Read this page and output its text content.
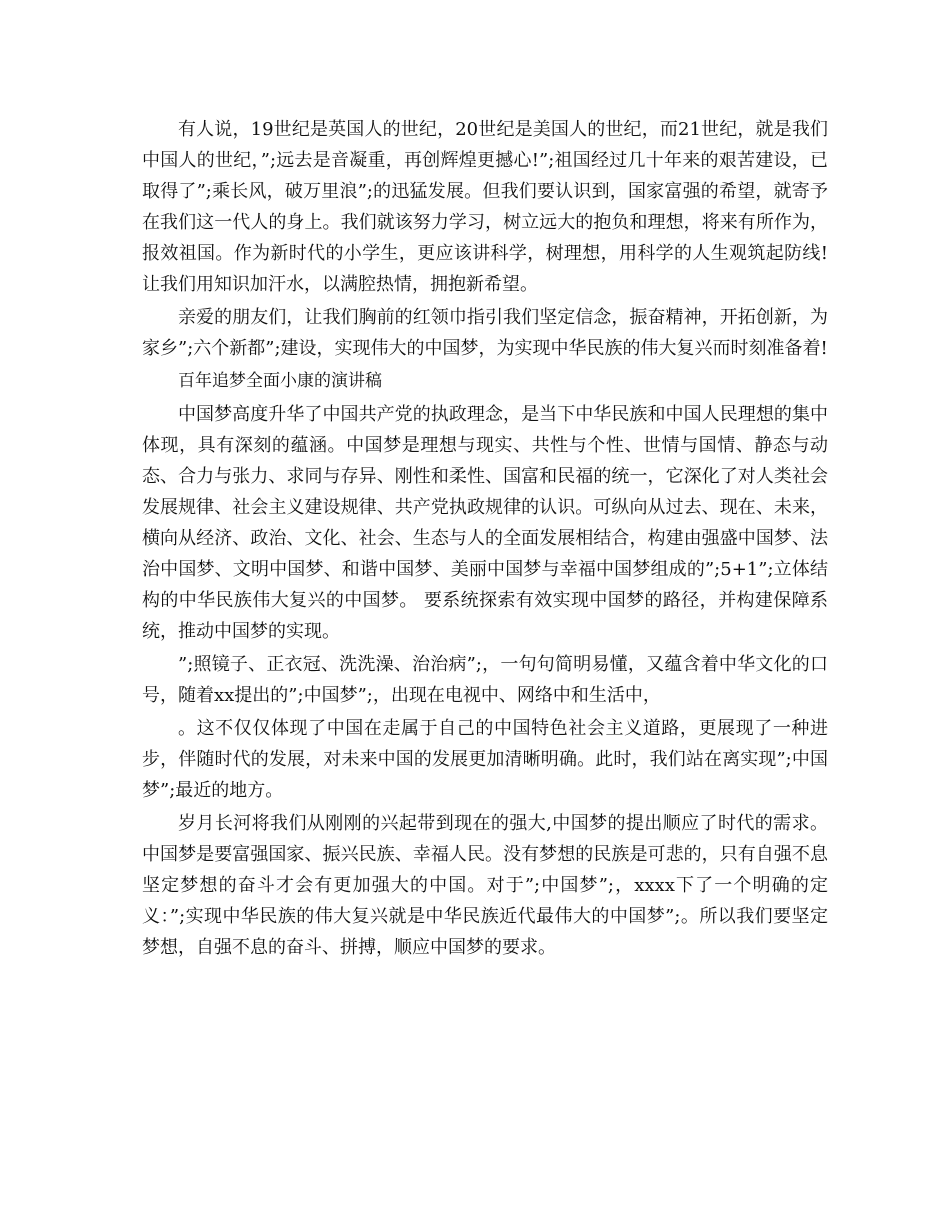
有人说，19世纪是英国人的世纪，20世纪是美国人的世纪，而21世纪，就是我们中国人的世纪，”;远去是音凝重，再创辉煌更撼心!”;祖国经过几十年来的艰苦建设，已取得了”;乘长风，破万里浪”;的迅猛发展。但我们要认识到，国家富强的希望，就寄予在我们这一代人的身上。我们就该努力学习，树立远大的抱负和理想，将来有所作为，报效祖国。作为新时代的小学生，更应该讲科学，树理想，用科学的人生观筑起防线!让我们用知识加汗水，以满腔热情，拥抱新希望。

亲爱的朋友们，让我们胸前的红领巾指引我们坚定信念，振奋精神，开拓创新，为家乡”;六个新都”;建设，实现伟大的中国梦，为实现中华民族的伟大复兴而时刻准备着!

百年追梦全面小康的演讲稿

中国梦高度升华了中国共产党的执政理念，是当下中华民族和中国人民理想的集中体现，具有深刻的蕴涵。中国梦是理想与现实、共性与个性、世情与国情、静态与动态、合力与张力、求同与存异、刚性和柔性、国富和民福的统一，它深化了对人类社会发展规律、社会主义建设规律、共产党执政规律的认识。可纵向从过去、现在、未来，横向从经济、政治、文化、社会、生态与人的全面发展相结合，构建由强盛中国梦、法治中国梦、文明中国梦、和谐中国梦、美丽中国梦与幸福中国梦组成的”;5+1”;立体结构的中华民族伟大复兴的中国梦。 要系统探索有效实现中国梦的路径，并构建保障系统，推动中国梦的实现。

”;照镜子、正衣冠、洗洗澡、治治病”;，一句句简明易懂，又蕴含着中华文化的口号，随着xx提出的”;中国梦”;，出现在电视中、网络中和生活中，

。这不仅仅体现了中国在走属于自己的中国特色社会主义道路，更展现了一种进步，伴随时代的发展，对未来中国的发展更加清晰明确。此时，我们站在离实现”;中国梦”;最近的地方。

岁月长河将我们从刚刚的兴起带到现在的强大,中国梦的提出顺应了时代的需求。中国梦是要富强国家、振兴民族、幸福人民。没有梦想的民族是可悲的，只有自强不息坚定梦想的奋斗才会有更加强大的中国。对于”;中国梦”;，xxxx下了一个明确的定义：”;实现中华民族的伟大复兴就是中华民族近代最伟大的中国梦”;。所以我们要坚定梦想，自强不息的奋斗、拼搏，顺应中国梦的要求。
